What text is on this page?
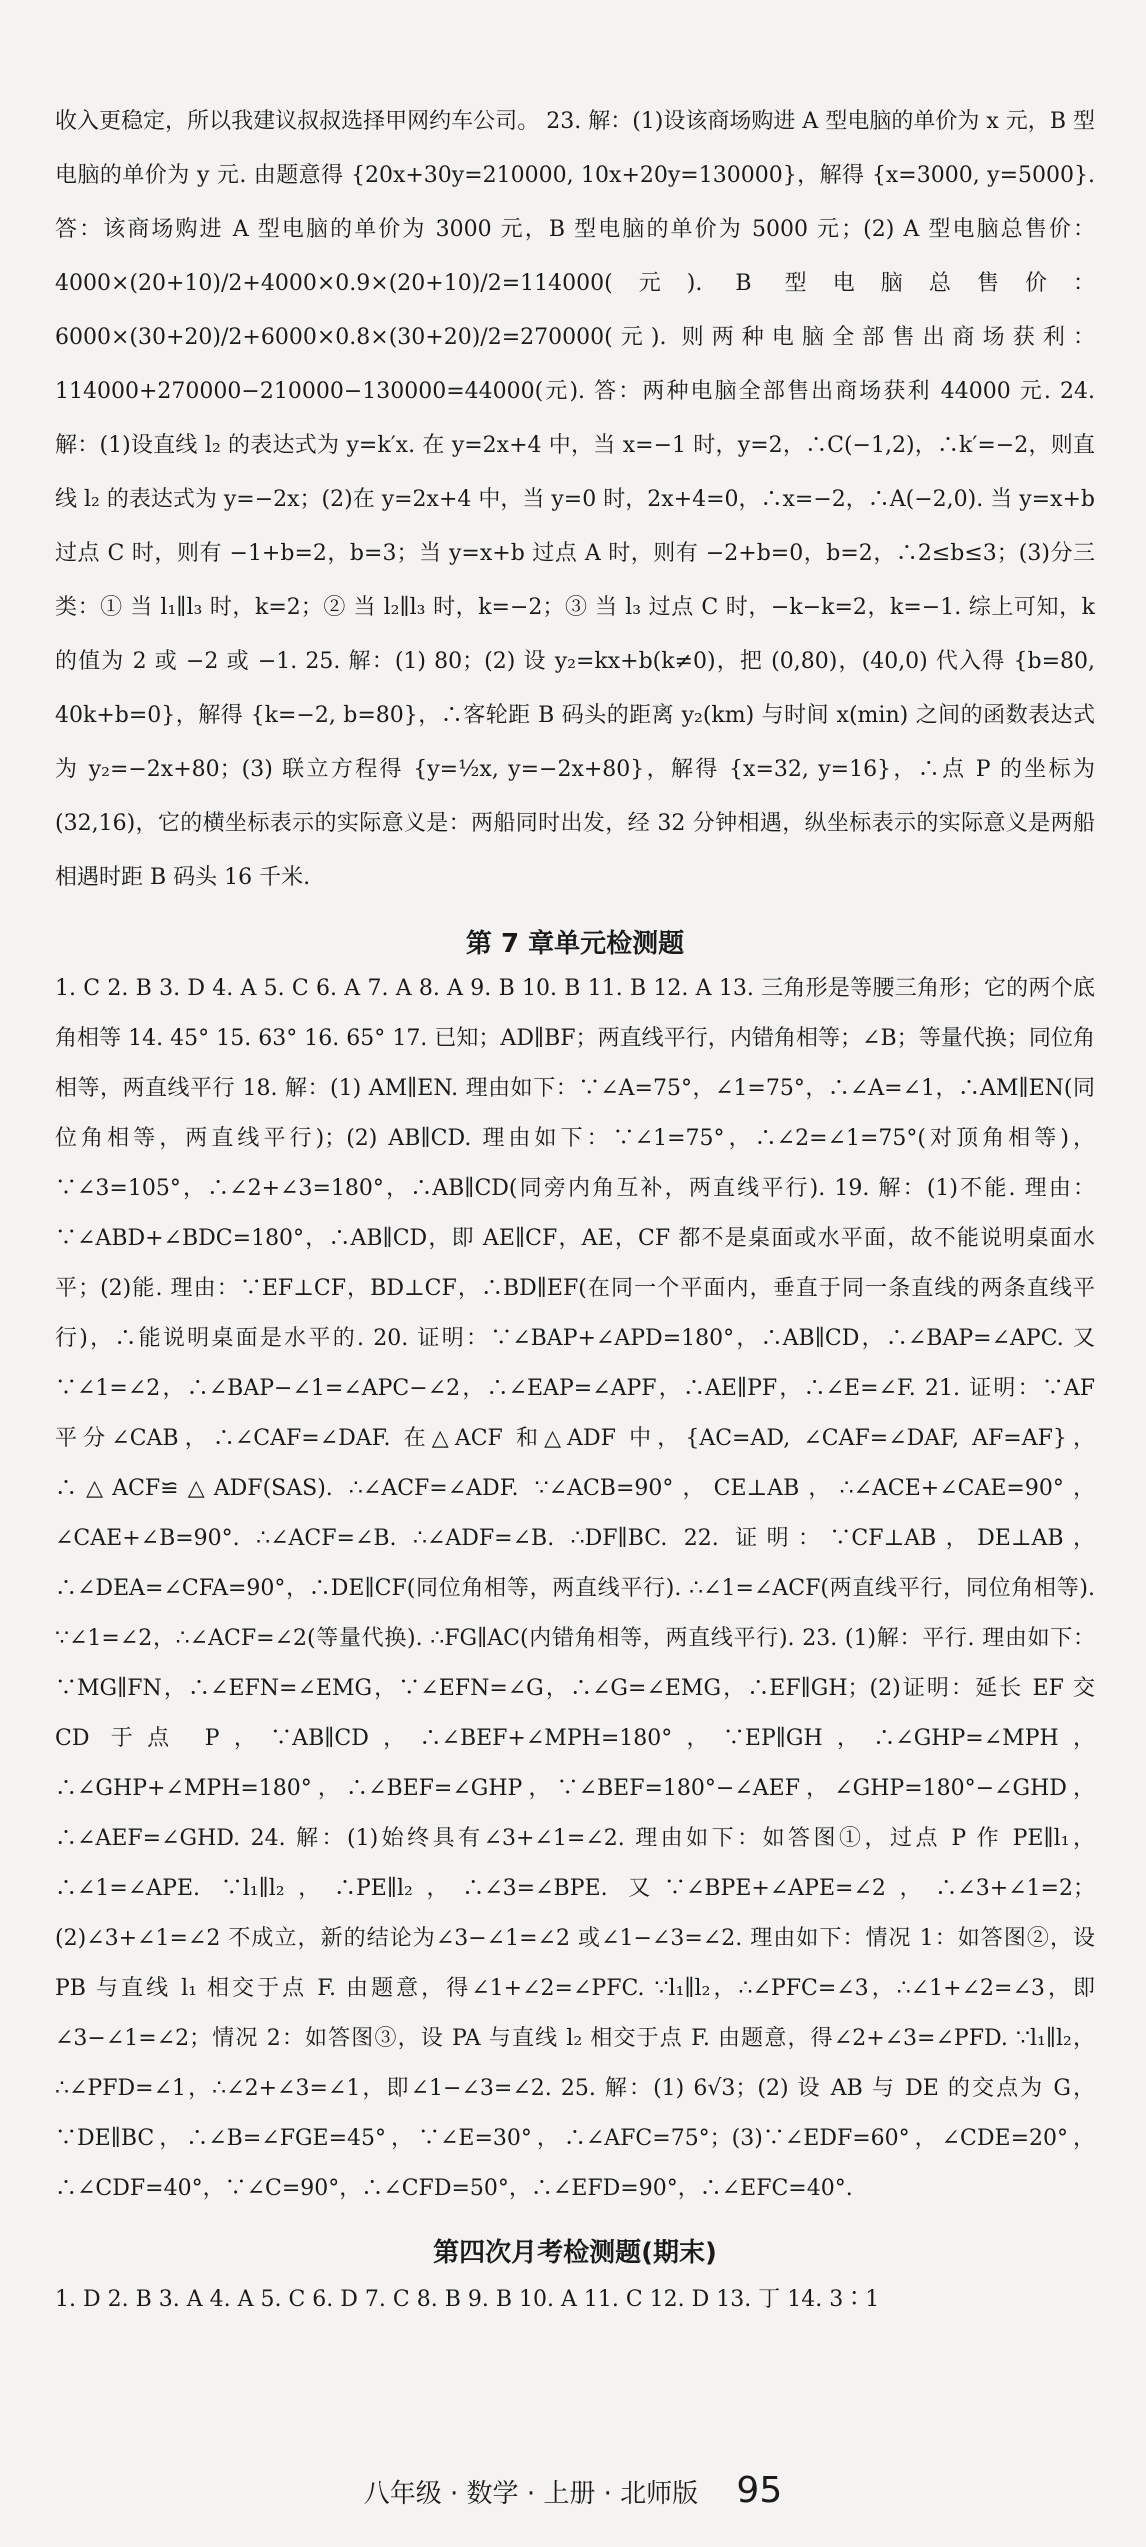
收入更稳定，所以我建议叔叔选择甲网约车公司。 23. 解：(1)设该商场购进 A 型电脑的单价为 x 元，B 型电脑的单价为 y 元. 由题意得 {20x+30y=210000, 10x+20y=130000}，解得 {x=3000, y=5000}. 答：该商场购进 A 型电脑的单价为 3000 元，B 型电脑的单价为 5000 元；(2) A 型电脑总售价：4000×(20+10)/2+4000×0.9×(20+10)/2=114000(元). B 型电脑总售价：6000×(30+20)/2+6000×0.8×(30+20)/2=270000(元). 则两种电脑全部售出商场获利：114000+270000−210000−130000=44000(元). 答：两种电脑全部售出商场获利 44000 元. 24. 解：(1)设直线 l₂ 的表达式为 y=k′x. 在 y=2x+4 中，当 x=−1 时，y=2，∴C(−1,2)，∴k′=−2，则直线 l₂ 的表达式为 y=−2x；(2)在 y=2x+4 中，当 y=0 时，2x+4=0，∴x=−2，∴A(−2,0). 当 y=x+b 过点 C 时，则有 −1+b=2，b=3；当 y=x+b 过点 A 时，则有 −2+b=0，b=2，∴2≤b≤3；(3)分三类：① 当 l₁∥l₃ 时，k=2；② 当 l₂∥l₃ 时，k=−2；③ 当 l₃ 过点 C 时，−k−k=2，k=−1. 综上可知，k 的值为 2 或 −2 或 −1. 25. 解：(1) 80；(2) 设 y₂=kx+b(k≠0)，把 (0,80)，(40,0) 代入得 {b=80, 40k+b=0}，解得 {k=−2, b=80}，∴客轮距 B 码头的距离 y₂(km) 与时间 x(min) 之间的函数表达式为 y₂=−2x+80；(3) 联立方程得 {y=½x, y=−2x+80}，解得 {x=32, y=16}，∴点 P 的坐标为 (32,16)，它的横坐标表示的实际意义是：两船同时出发，经 32 分钟相遇，纵坐标表示的实际意义是两船相遇时距 B 码头 16 千米.

第 7 章单元检测题

1. C 2. B 3. D 4. A 5. C 6. A 7. A 8. A 9. B 10. B 11. B 12. A 13. 三角形是等腰三角形；它的两个底角相等 14. 45° 15. 63° 16. 65° 17. 已知；AD∥BF；两直线平行，内错角相等；∠B；等量代换；同位角相等，两直线平行 18. 解：(1) AM∥EN. 理由如下：∵∠A=75°，∠1=75°，∴∠A=∠1，∴AM∥EN(同位角相等，两直线平行)；(2) AB∥CD. 理由如下：∵∠1=75°，∴∠2=∠1=75°(对顶角相等)，∵∠3=105°，∴∠2+∠3=180°，∴AB∥CD(同旁内角互补，两直线平行). 19. 解：(1)不能. 理由：∵∠ABD+∠BDC=180°，∴AB∥CD，即 AE∥CF，AE，CF 都不是桌面或水平面，故不能说明桌面水平；(2)能. 理由：∵EF⊥CF，BD⊥CF，∴BD∥EF(在同一个平面内，垂直于同一条直线的两条直线平行)，∴能说明桌面是水平的. 20. 证明：∵∠BAP+∠APD=180°，∴AB∥CD，∴∠BAP=∠APC. 又∵∠1=∠2，∴∠BAP−∠1=∠APC−∠2，∴∠EAP=∠APF，∴AE∥PF，∴∠E=∠F. 21. 证明：∵AF 平分∠CAB，∴∠CAF=∠DAF. 在△ACF 和△ADF 中，{AC=AD, ∠CAF=∠DAF, AF=AF}，∴△ACF≌△ADF(SAS). ∴∠ACF=∠ADF. ∵∠ACB=90°，CE⊥AB，∴∠ACE+∠CAE=90°，∠CAE+∠B=90°. ∴∠ACF=∠B. ∴∠ADF=∠B. ∴DF∥BC. 22. 证明：∵CF⊥AB，DE⊥AB，∴∠DEA=∠CFA=90°，∴DE∥CF(同位角相等，两直线平行). ∴∠1=∠ACF(两直线平行，同位角相等). ∵∠1=∠2，∴∠ACF=∠2(等量代换). ∴FG∥AC(内错角相等，两直线平行). 23. (1)解：平行. 理由如下：∵MG∥FN，∴∠EFN=∠EMG，∵∠EFN=∠G，∴∠G=∠EMG，∴EF∥GH；(2)证明：延长 EF 交 CD 于点 P，∵AB∥CD，∴∠BEF+∠MPH=180°，∵EP∥GH，∴∠GHP=∠MPH，∴∠GHP+∠MPH=180°，∴∠BEF=∠GHP，∵∠BEF=180°−∠AEF，∠GHP=180°−∠GHD，∴∠AEF=∠GHD. 24. 解：(1)始终具有∠3+∠1=∠2. 理由如下：如答图①，过点 P 作 PE∥l₁，∴∠1=∠APE. ∵l₁∥l₂，∴PE∥l₂，∴∠3=∠BPE. 又∵∠BPE+∠APE=∠2，∴∠3+∠1=2；(2)∠3+∠1=∠2 不成立，新的结论为∠3−∠1=∠2 或∠1−∠3=∠2. 理由如下：情况 1：如答图②，设 PB 与直线 l₁ 相交于点 F. 由题意，得∠1+∠2=∠PFC. ∵l₁∥l₂，∴∠PFC=∠3，∴∠1+∠2=∠3，即∠3−∠1=∠2；情况 2：如答图③，设 PA 与直线 l₂ 相交于点 F. 由题意，得∠2+∠3=∠PFD. ∵l₁∥l₂，∴∠PFD=∠1，∴∠2+∠3=∠1，即∠1−∠3=∠2. 25. 解：(1) 6√3；(2) 设 AB 与 DE 的交点为 G，∵DE∥BC，∴∠B=∠FGE=45°，∵∠E=30°，∴∠AFC=75°；(3)∵∠EDF=60°，∠CDE=20°，∴∠CDF=40°，∵∠C=90°，∴∠CFD=50°，∴∠EFD=90°，∴∠EFC=40°.

第四次月考检测题(期末)

1. D 2. B 3. A 4. A 5. C 6. D 7. C 8. B 9. B 10. A 11. C 12. D 13. 丁 14. 3∶1

八年级 · 数学 · 上册 · 北师版 95
